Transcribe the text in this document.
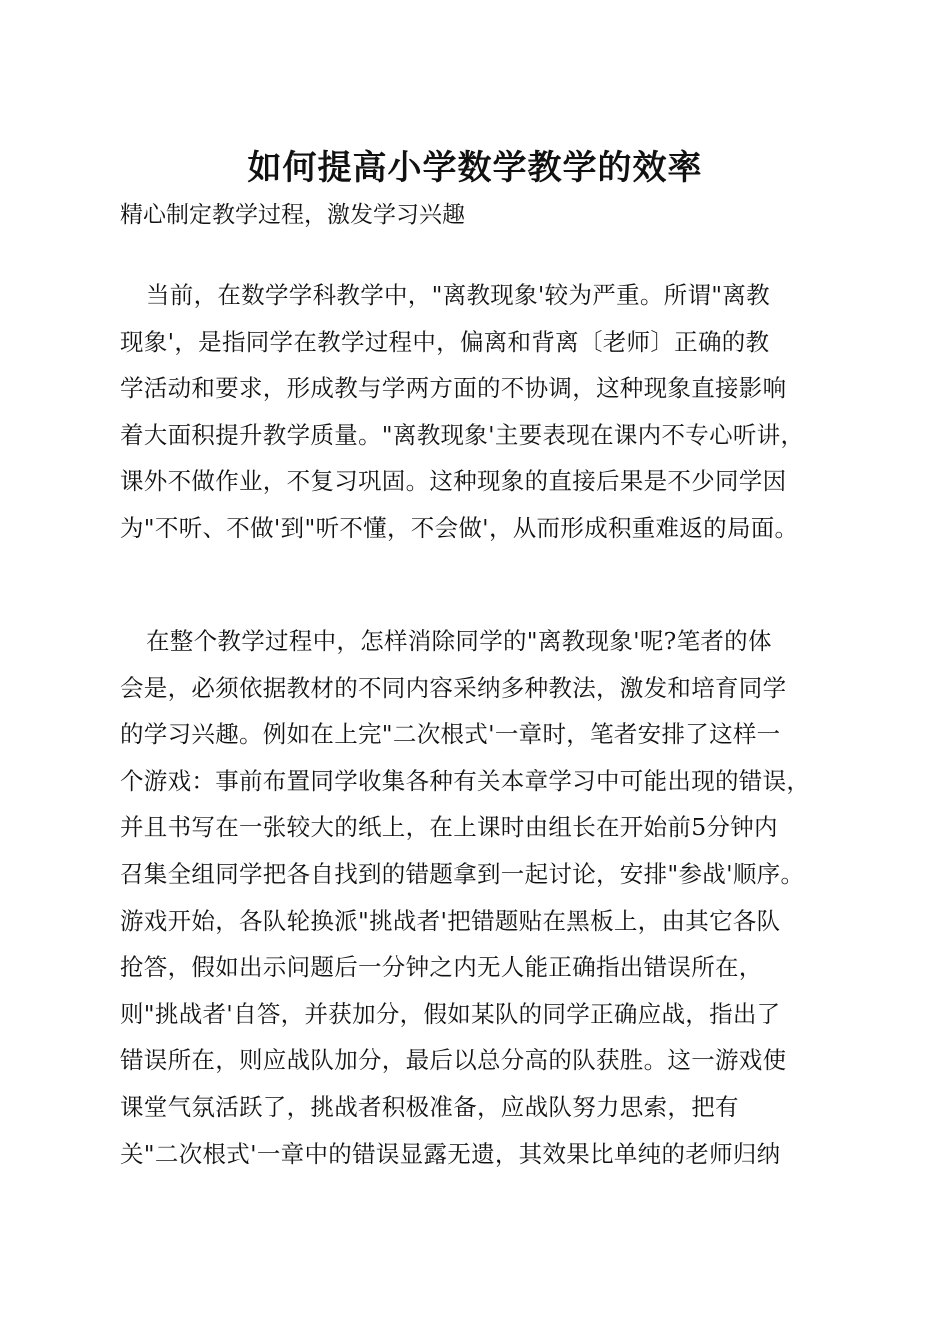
如何提高小学数学教学的效率

精心制定教学过程，激发学习兴趣

当前，在数学学科教学中，"离教现象'较为严重。所谓"离教
现象'，是指同学在教学过程中，偏离和背离〔老师〕正确的教
学活动和要求，形成教与学两方面的不协调，这种现象直接影响
着大面积提升教学质量。"离教现象'主要表现在课内不专心听讲，
课外不做作业，不复习巩固。这种现象的直接后果是不少同学因
为"不听、不做'到"听不懂，不会做'，从而形成积重难返的局面。
在整个教学过程中，怎样消除同学的"离教现象'呢?笔者的体
会是，必须依据教材的不同内容采纳多种教法，激发和培育同学
的学习兴趣。例如在上完"二次根式'一章时，笔者安排了这样一
个游戏：事前布置同学收集各种有关本章学习中可能出现的错误，
并且书写在一张较大的纸上，在上课时由组长在开始前5分钟内
召集全组同学把各自找到的错题拿到一起讨论，安排"参战'顺序。
游戏开始，各队轮换派"挑战者'把错题贴在黑板上，由其它各队
抢答，假如出示问题后一分钟之内无人能正确指出错误所在，
则"挑战者'自答，并获加分，假如某队的同学正确应战，指出了
错误所在，则应战队加分，最后以总分高的队获胜。这一游戏使
课堂气氛活跃了，挑战者积极准备，应战队努力思索，把有
关"二次根式'一章中的错误显露无遗，其效果比单纯的老师归纳
